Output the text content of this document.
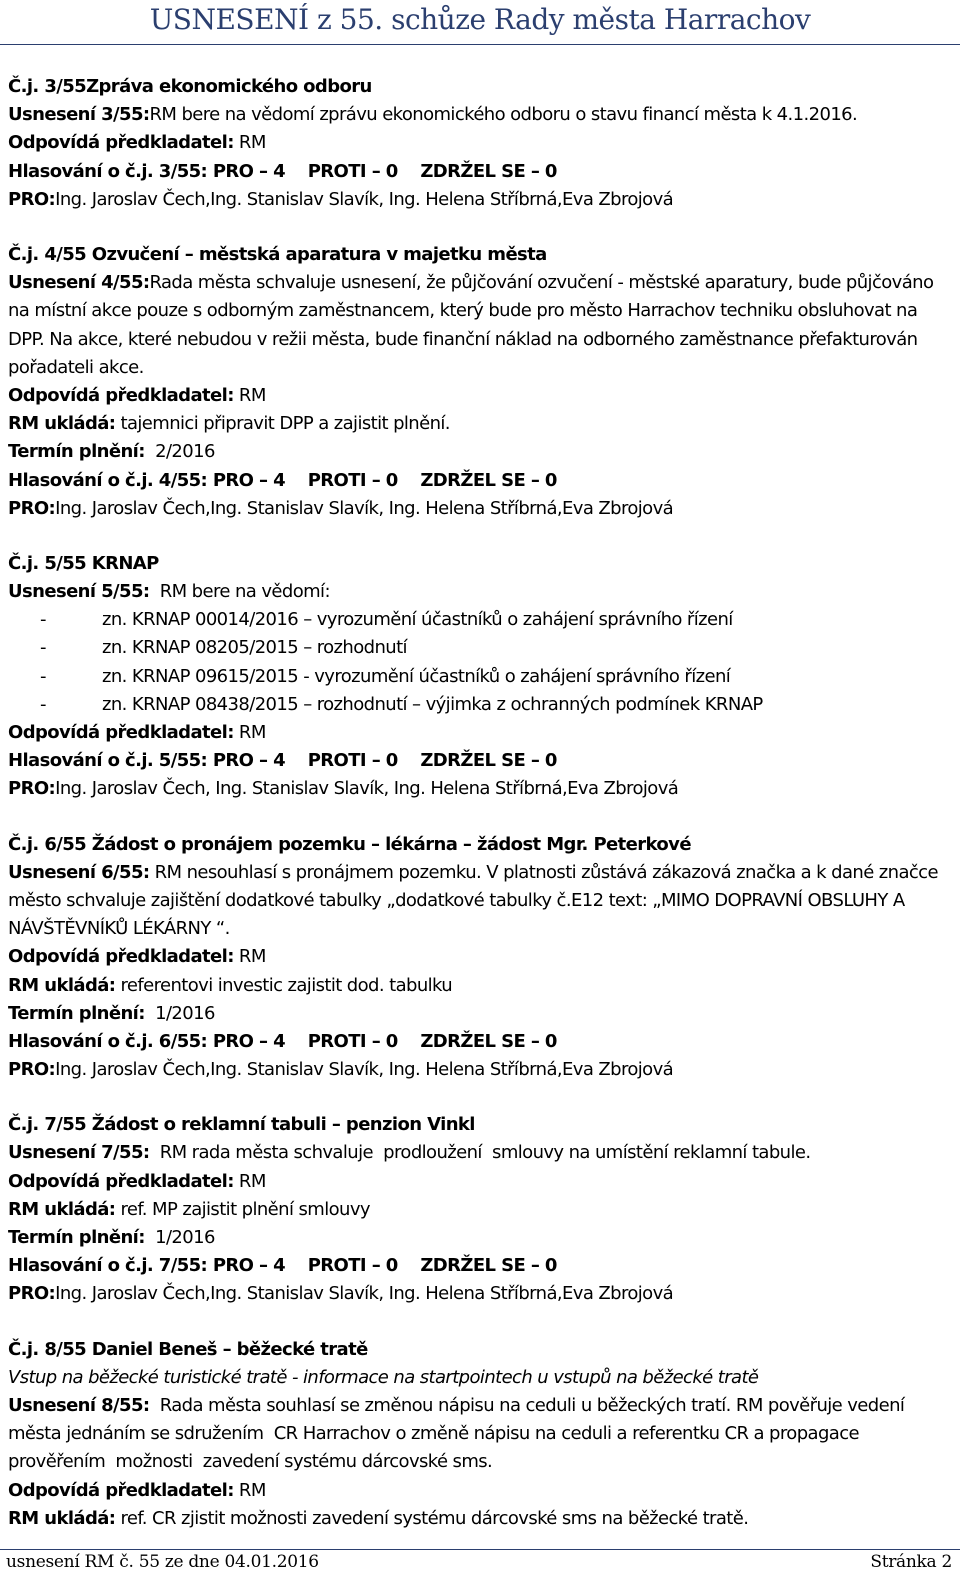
USNESENÍ z 55. schůze Rady města Harrachov
Č.j. 3/55Zpráva ekonomického odboru
Usnesení 3/55:RM bere na vědomí zprávu ekonomického odboru o stavu financí města k 4.1.2016.
Odpovídá předkladatel: RM
Hlasování o č.j. 3/55: PRO – 4    PROTI – 0    ZDRŽEL SE – 0
PRO:Ing. Jaroslav Čech,Ing. Stanislav Slavík, Ing. Helena Stříbrná,Eva Zbrojová
Č.j. 4/55 Ozvučení – městská aparatura v majetku města
Usnesení 4/55:Rada města schvaluje usnesení, že půjčování ozvučení - městské aparatury, bude půjčováno na místní akce pouze s odborným zaměstnancem, který bude pro město Harrachov techniku obsluhovat na DPP. Na akce, které nebudou v režii města, bude finanční náklad na odborného zaměstnance přefakturován pořadateli akce.
Odpovídá předkladatel: RM
RM ukládá: tajemnici připravit DPP a zajistit plnění.
Termín plnění:  2/2016
Hlasování o č.j. 4/55: PRO – 4    PROTI – 0    ZDRŽEL SE – 0
PRO:Ing. Jaroslav Čech,Ing. Stanislav Slavík, Ing. Helena Stříbrná,Eva Zbrojová
Č.j. 5/55 KRNAP
Usnesení 5/55:  RM bere na vědomí:
-	zn. KRNAP 00014/2016 – vyrozumění účastníků o zahájení správního řízení
-	zn. KRNAP 08205/2015 – rozhodnutí
-	zn. KRNAP 09615/2015 - vyrozumění účastníků o zahájení správního řízení
-	zn. KRNAP 08438/2015 – rozhodnutí – výjimka z ochranných podmínek KRNAP
Odpovídá předkladatel: RM
Hlasování o č.j. 5/55: PRO – 4    PROTI – 0    ZDRŽEL SE – 0
PRO:Ing. Jaroslav Čech, Ing. Stanislav Slavík, Ing. Helena Stříbrná,Eva Zbrojová
Č.j. 6/55 Žádost o pronájem pozemku – lékárna – žádost Mgr. Peterkové
Usnesení 6/55: RM nesouhlasí s pronájmem pozemku. V platnosti zůstává zákazová značka a k dané značce město schvaluje zajištění dodatkové tabulky „dodatkové tabulky č.E12 text: „MIMO DOPRAVNÍ OBSLUHY A NÁVŠTĚVNÍKŮ LÉKÁRNY “.
Odpovídá předkladatel: RM
RM ukládá: referentovi investic zajistit dod. tabulku
Termín plnění:  1/2016
Hlasování o č.j. 6/55: PRO – 4    PROTI – 0    ZDRŽEL SE – 0
PRO:Ing. Jaroslav Čech,Ing. Stanislav Slavík, Ing. Helena Stříbrná,Eva Zbrojová
Č.j. 7/55 Žádost o reklamní tabuli – penzion Vinkl
Usnesení 7/55:  RM rada města schvaluje  prodloužení  smlouvy na umístění reklamní tabule.
Odpovídá předkladatel: RM
RM ukládá: ref. MP zajistit plnění smlouvy
Termín plnění:  1/2016
Hlasování o č.j. 7/55: PRO – 4    PROTI – 0    ZDRŽEL SE – 0
PRO:Ing. Jaroslav Čech,Ing. Stanislav Slavík, Ing. Helena Stříbrná,Eva Zbrojová
Č.j. 8/55 Daniel Beneš – běžecké tratě
Vstup na běžecké turistické tratě - informace na startpointech u vstupů na běžecké tratě
Usnesení 8/55:  Rada města souhlasí se změnou nápisu na ceduli u běžeckých tratí. RM pověřuje vedení města jednáním se sdružením  CR Harrachov o změně nápisu na ceduli a referentku CR a propagace prověřením  možnosti  zavedení systému dárcovské sms.
Odpovídá předkladatel: RM
RM ukládá: ref. CR zjistit možnosti zavedení systému dárcovské sms na běžecké tratě.
usnesení RM č. 55 ze dne 04.01.2016	Stránka 2
